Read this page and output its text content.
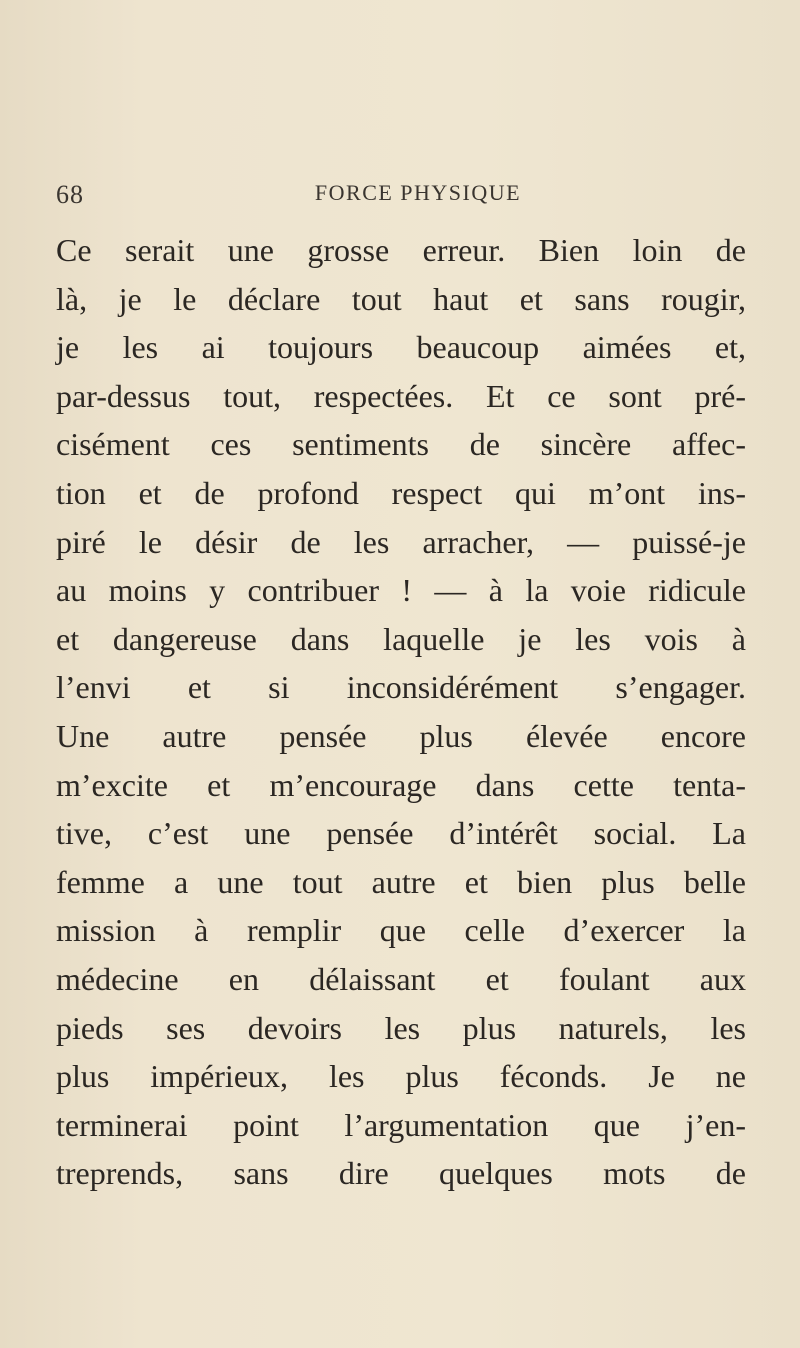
68	FORCE PHYSIQUE
Ce serait une grosse erreur. Bien loin de
là, je le déclare tout haut et sans rougir,
je les ai toujours beaucoup aimées et,
par-dessus tout, respectées. Et ce sont pré-
cisément ces sentiments de sincère affec-
tion et de profond respect qui m’ont ins-
piré le désir de les arracher, — puissé-je
au moins y contribuer ! — à la voie ridicule
et dangereuse dans laquelle je les vois à
l’envi et si inconsidérément s’engager.
Une autre pensée plus élevée encore
m’excite et m’encourage dans cette tenta-
tive, c’est une pensée d’intérêt social. La
femme a une tout autre et bien plus belle
mission à remplir que celle d’exercer la
médecine en délaissant et foulant aux
pieds ses devoirs les plus naturels, les
plus impérieux, les plus féconds. Je ne
terminerai point l’argumentation que j’en-
treprends, sans dire quelques mots de
